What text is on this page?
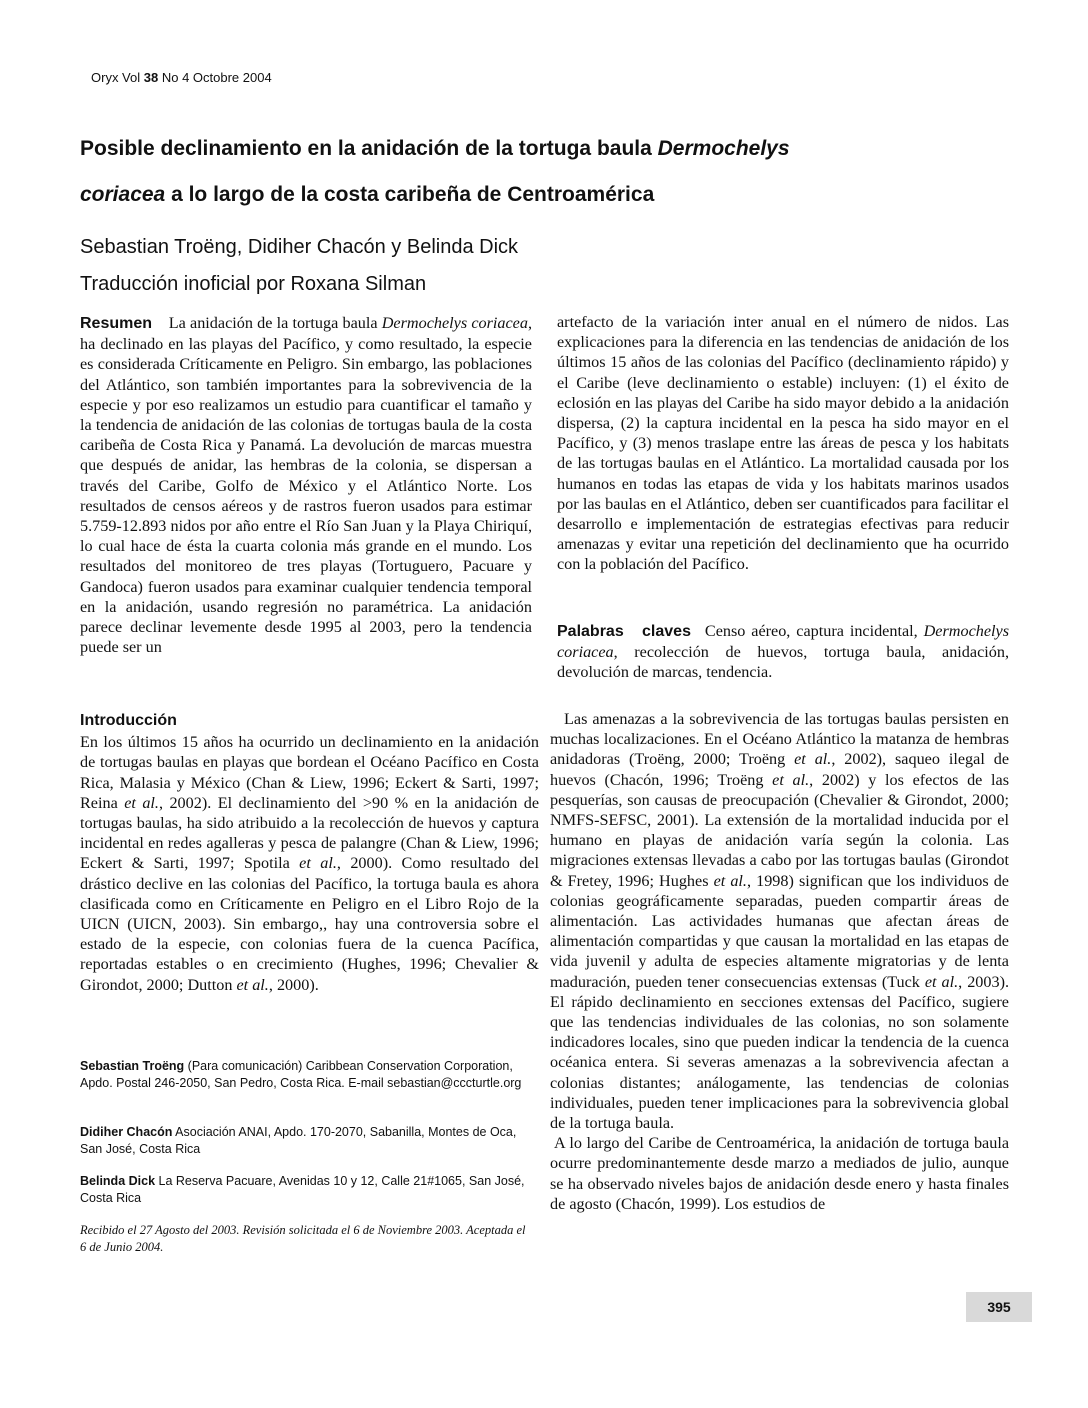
Oryx Vol 38 No 4 Octobre 2004
Posible declinamiento en la anidación de la tortuga baula Dermochelys
coriacea a lo largo de la costa caribeña de Centroamérica
Sebastian Troëng, Didiher Chacón y Belinda Dick
Traducción inoficial por Roxana Silman

Resumen La anidación de la tortuga baula Dermochelys coriacea, ha declinado en las playas del Pacífico, y como resultado, la especie es considerada Críticamente en Peligro. Sin embargo, las poblaciones del Atlántico, son también importantes para la sobrevivencia de la especie y por eso realizamos un estudio para cuantificar el tamaño y la tendencia de anidación de las colonias de tortugas baula de la costa caribeña de Costa Rica y Panamá. La devolución de marcas muestra que después de anidar, las hembras de la colonia, se dispersan a través del Caribe, Golfo de México y el Atlántico Norte. Los resultados de censos aéreos y de rastros fueron usados para estimar 5.759-12.893 nidos por año entre el Río San Juan y la Playa Chiriquí, lo cual hace de ésta la cuarta colonia más grande en el mundo. Los resultados del monitoreo de tres playas (Tortuguero, Pacuare y Gandoca) fueron usados para examinar cualquier tendencia temporal en la anidación, usando regresión no paramétrica. La anidación parece declinar levemente desde 1995 al 2003, pero la tendencia puede ser un

artefacto de la variación inter anual en el número de nidos. Las explicaciones para la diferencia en las tendencias de anidación de los últimos 15 años de las colonias del Pacífico (declinamiento rápido) y el Caribe (leve declinamiento o estable) incluyen: (1) el éxito de eclosión en las playas del Caribe ha sido mayor debido a la anidación dispersa, (2) la captura incidental en la pesca ha sido mayor en el Pacífico, y (3) menos traslape entre las áreas de pesca y los habitats de las tortugas baulas en el Atlántico. La mortalidad causada por los humanos en todas las etapas de vida y los habitats marinos usados por las baulas en el Atlántico, deben ser cuantificados para facilitar el desarrollo e implementación de estrategias efectivas para reducir amenazas y evitar una repetición del declinamiento que ha ocurrido con la población del Pacífico.

Palabras claves Censo aéreo, captura incidental, Dermochelys coriacea, recolección de huevos, tortuga baula, anidación, devolución de marcas, tendencia.

Introducción

En los últimos 15 años ha ocurrido un declinamiento en la anidación de tortugas baulas en playas que bordean el Océano Pacífico en Costa Rica, Malasia y México (Chan & Liew, 1996; Eckert & Sarti, 1997; Reina et al., 2002). El declinamiento del >90 % en la anidación de tortugas baulas, ha sido atribuido a la recolección de huevos y captura incidental en redes agalleras y pesca de palangre (Chan & Liew, 1996; Eckert & Sarti, 1997; Spotila et al., 2000). Como resultado del drástico declive en las colonias del Pacífico, la tortuga baula es ahora clasificada como en Críticamente en Peligro en el Libro Rojo de la UICN (UICN, 2003). Sin embargo,, hay una controversia sobre el estado de la especie, con colonias fuera de la cuenca Pacífica, reportadas estables o en crecimiento (Hughes, 1996; Chevalier & Girondot, 2000; Dutton et al., 2000).

Las amenazas a la sobrevivencia de las tortugas baulas persisten en muchas localizaciones. En el Océano Atlántico la matanza de hembras anidadoras (Troëng, 2000; Troëng et al., 2002), saqueo ilegal de huevos (Chacón, 1996; Troëng et al., 2002) y los efectos de las pesquerías, son causas de preocupación (Chevalier & Girondot, 2000; NMFS-SEFSC, 2001). La extensión de la mortalidad inducida por el humano en playas de anidación varía según la colonia. Las migraciones extensas llevadas a cabo por las tortugas baulas (Girondot & Fretey, 1996; Hughes et al., 1998) significan que los individuos de colonias geográficamente separadas, pueden compartir áreas de alimentación. Las actividades humanas que afectan áreas de alimentación compartidas y que causan la mortalidad en las etapas de vida juvenil y adulta de especies altamente migratorias y de lenta maduración, pueden tener consecuencias extensas (Tuck et al., 2003). El rápido declinamiento en secciones extensas del Pacífico, sugiere que las tendencias individuales de las colonias, no son solamente indicadores locales, sino que pueden indicar la tendencia de la cuenca océanica entera. Si severas amenazas a la sobrevivencia afectan a colonias distantes; análogamente, las tendencias de colonias individuales, pueden tener implicaciones para la sobrevivencia global de la tortuga baula.

A lo largo del Caribe de Centroamérica, la anidación de tortuga baula ocurre predominantemente desde marzo a mediados de julio, aunque se ha observado niveles bajos de anidación desde enero y hasta finales de agosto (Chacón, 1999). Los estudios de

Sebastian Troëng (Para comunicación) Caribbean Conservation Corporation, Apdo. Postal 246-2050, San Pedro, Costa Rica. E-mail sebastian@cccturtle.org
Didiher Chacón Asociación ANAI, Apdo. 170-2070, Sabanilla, Montes de Oca, San José, Costa Rica
Belinda Dick La Reserva Pacuare, Avenidas 10 y 12, Calle 21#1065, San José, Costa Rica
Recibido el 27 Agosto del 2003. Revisión solicitada el 6 de Noviembre 2003. Aceptada el 6 de Junio 2004.
395
